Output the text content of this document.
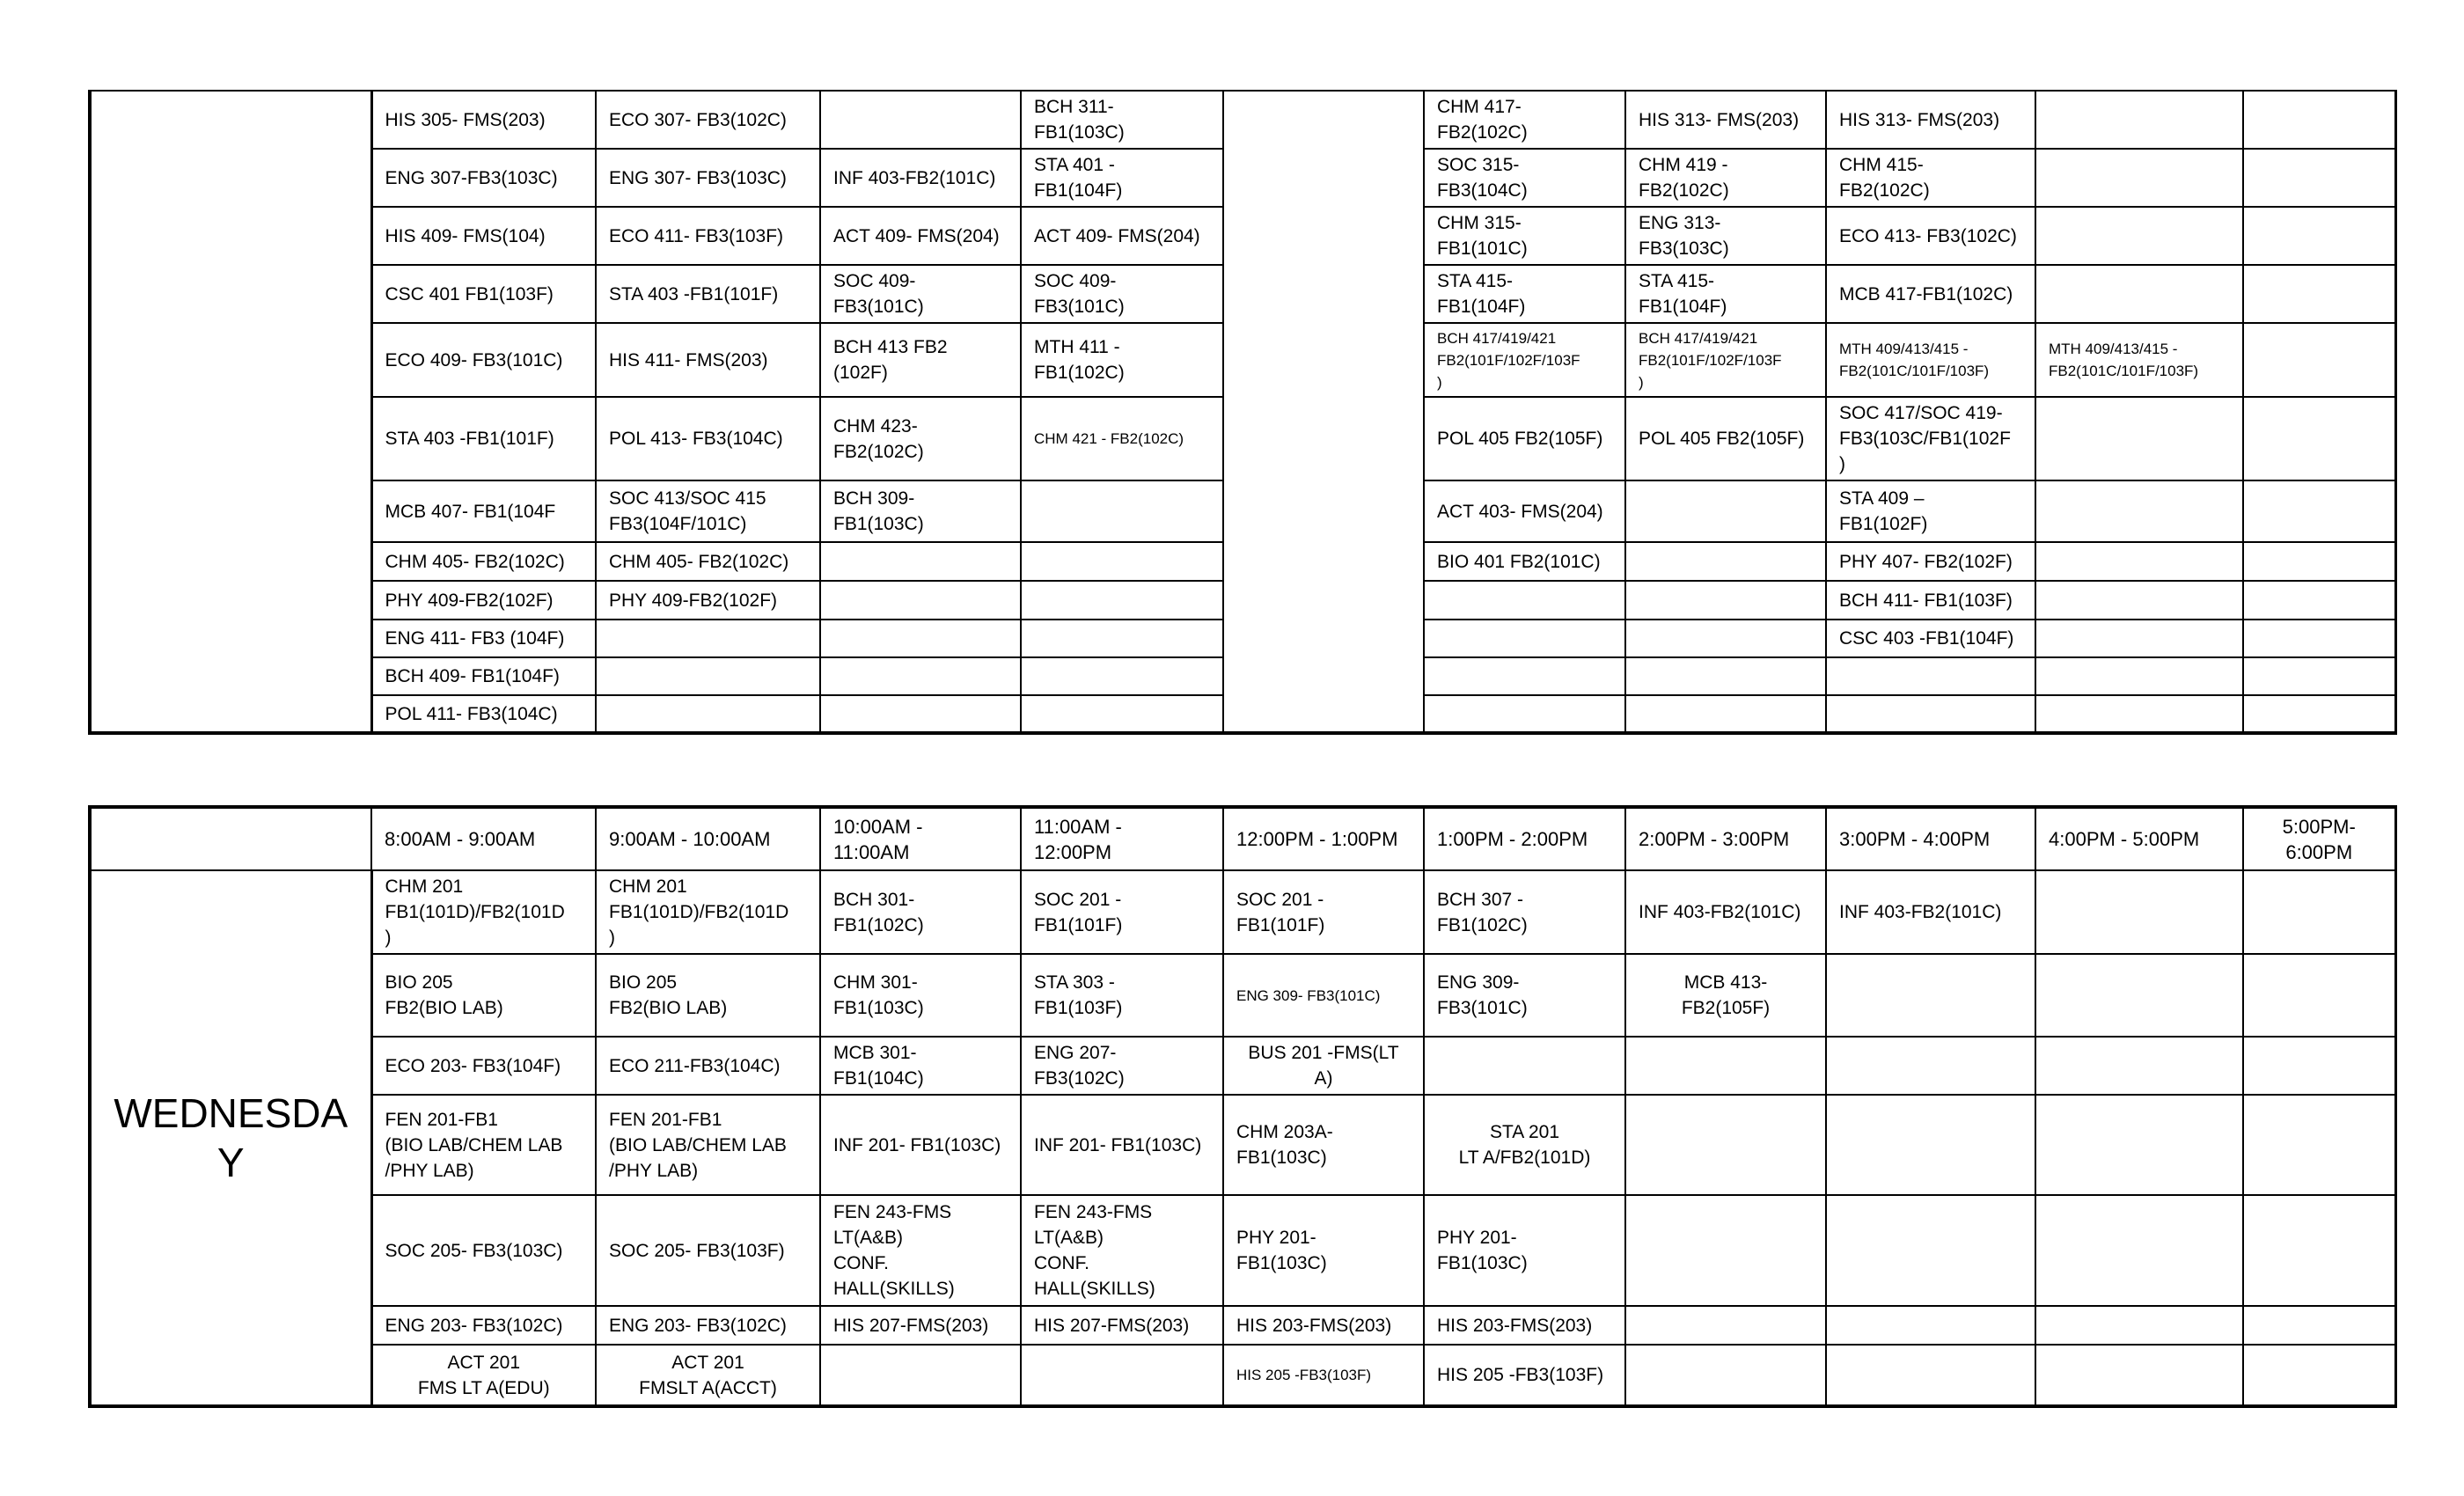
	HIS 305- FMS(203)	ECO 307- FB3(102C)		BCH 311-
FB1(103C)		CHM 417-
FB2(102C)	HIS 313- FMS(203)	HIS 313- FMS(203)		
	ENG 307-FB3(103C)	ENG 307- FB3(103C)	INF 403-FB2(101C)	STA 401 -
FB1(104F)		SOC 315-
FB3(104C)	CHM 419 -
FB2(102C)	CHM 415-
FB2(102C)		
	HIS 409- FMS(104)	ECO 411- FB3(103F)	ACT 409- FMS(204)	ACT 409- FMS(204)		CHM 315-
FB1(101C)	ENG 313-
FB3(103C)	ECO 413- FB3(102C)		
	CSC 401 FB1(103F)	STA 403 -FB1(101F)	SOC 409-
FB3(101C)	SOC 409-
FB3(101C)		STA 415-
FB1(104F)	STA 415-
FB1(104F)	MCB 417-FB1(102C)		
	ECO 409- FB3(101C)	HIS 411- FMS(203)	BCH 413 FB2
(102F)	MTH 411 -
FB1(102C)		BCH 417/419/421
FB2(101F/102F/103F
)	BCH 417/419/421
FB2(101F/102F/103F
)	MTH 409/413/415 -
FB2(101C/101F/103F)	MTH 409/413/415 -
FB2(101C/101F/103F)	
	STA 403 -FB1(101F)	POL 413- FB3(104C)	CHM 423-
FB2(102C)	CHM 421 - FB2(102C)		POL 405 FB2(105F)	POL 405 FB2(105F)	SOC 417/SOC 419-
FB3(103C/FB1(102F
)		
	MCB 407- FB1(104F	SOC 413/SOC 415
FB3(104F/101C)	BCH 309-
FB1(103C)			ACT 403- FMS(204)		STA 409 –
FB1(102F)		
	CHM 405- FB2(102C)	CHM 405- FB2(102C)				BIO 401 FB2(101C)		PHY 407- FB2(102F)		
	PHY 409-FB2(102F)	PHY 409-FB2(102F)						BCH 411- FB1(103F)		
	ENG 411- FB3 (104F)							CSC 403 -FB1(104F)		
	BCH 409- FB1(104F)									
	POL 411- FB3(104C)									
	8:00AM - 9:00AM	9:00AM - 10:00AM	10:00AM -
11:00AM	11:00AM -
12:00PM	12:00PM - 1:00PM	1:00PM - 2:00PM	2:00PM - 3:00PM	3:00PM - 4:00PM	4:00PM - 5:00PM	5:00PM-
6:00PM
WEDNESDA
Y	CHM 201
FB1(101D)/FB2(101D
)	CHM 201
FB1(101D)/FB2(101D
)	BCH 301-
FB1(102C)	SOC 201 -
FB1(101F)	SOC 201 -
FB1(101F)	BCH 307 -
FB1(102C)	INF 403-FB2(101C)	INF 403-FB2(101C)		
	BIO 205
FB2(BIO LAB)	BIO 205
FB2(BIO LAB)	CHM 301-
FB1(103C)	STA 303 -
FB1(103F)	ENG 309- FB3(101C)	ENG 309-
FB3(101C)	MCB 413-
FB2(105F)			
	ECO 203- FB3(104F)	ECO 211-FB3(104C)	MCB 301-
FB1(104C)	ENG 207-
FB3(102C)	BUS 201 -FMS(LT
A)					
	FEN 201-FB1
(BIO LAB/CHEM LAB
/PHY LAB)	FEN 201-FB1
(BIO LAB/CHEM LAB
/PHY LAB)	INF 201- FB1(103C)	INF 201- FB1(103C)	CHM 203A-
FB1(103C)	STA 201
LT A/FB2(101D)				
	SOC 205- FB3(103C)	SOC 205- FB3(103F)	FEN 243-FMS
LT(A&B)
CONF.
HALL(SKILLS)	FEN 243-FMS
LT(A&B)
CONF.
HALL(SKILLS)	PHY 201-
FB1(103C)	PHY 201-
FB1(103C)				
	ENG 203- FB3(102C)	ENG 203- FB3(102C)	HIS 207-FMS(203)	HIS 207-FMS(203)	HIS 203-FMS(203)	HIS 203-FMS(203)				
	ACT 201
FMS LT A(EDU)	ACT 201
FMSLT A(ACCT)			HIS 205 -FB3(103F)	HIS 205 -FB3(103F)				
